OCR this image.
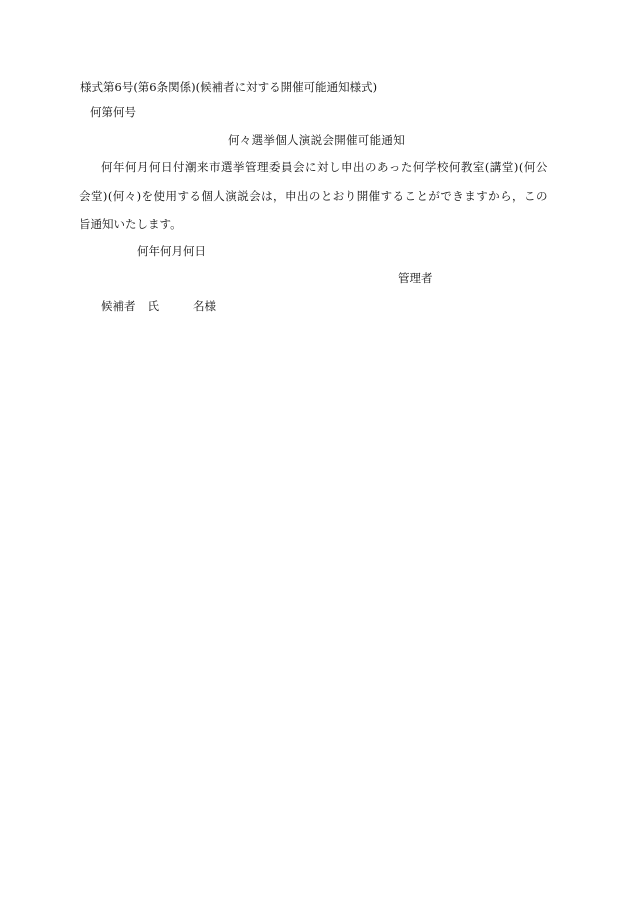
様式第6号(第6条関係)(候補者に対する開催可能通知様式)
何第何号
何々選挙個人演説会開催可能通知
何年何月何日付潮来市選挙管理委員会に対し申出のあった何学校何教室(講堂)(何公
会堂)(何々)を使用する個人演説会は，申出のとおり開催することができますから，この
旨通知いたします。
何年何月何日
管理者
候補者 氏	名様
